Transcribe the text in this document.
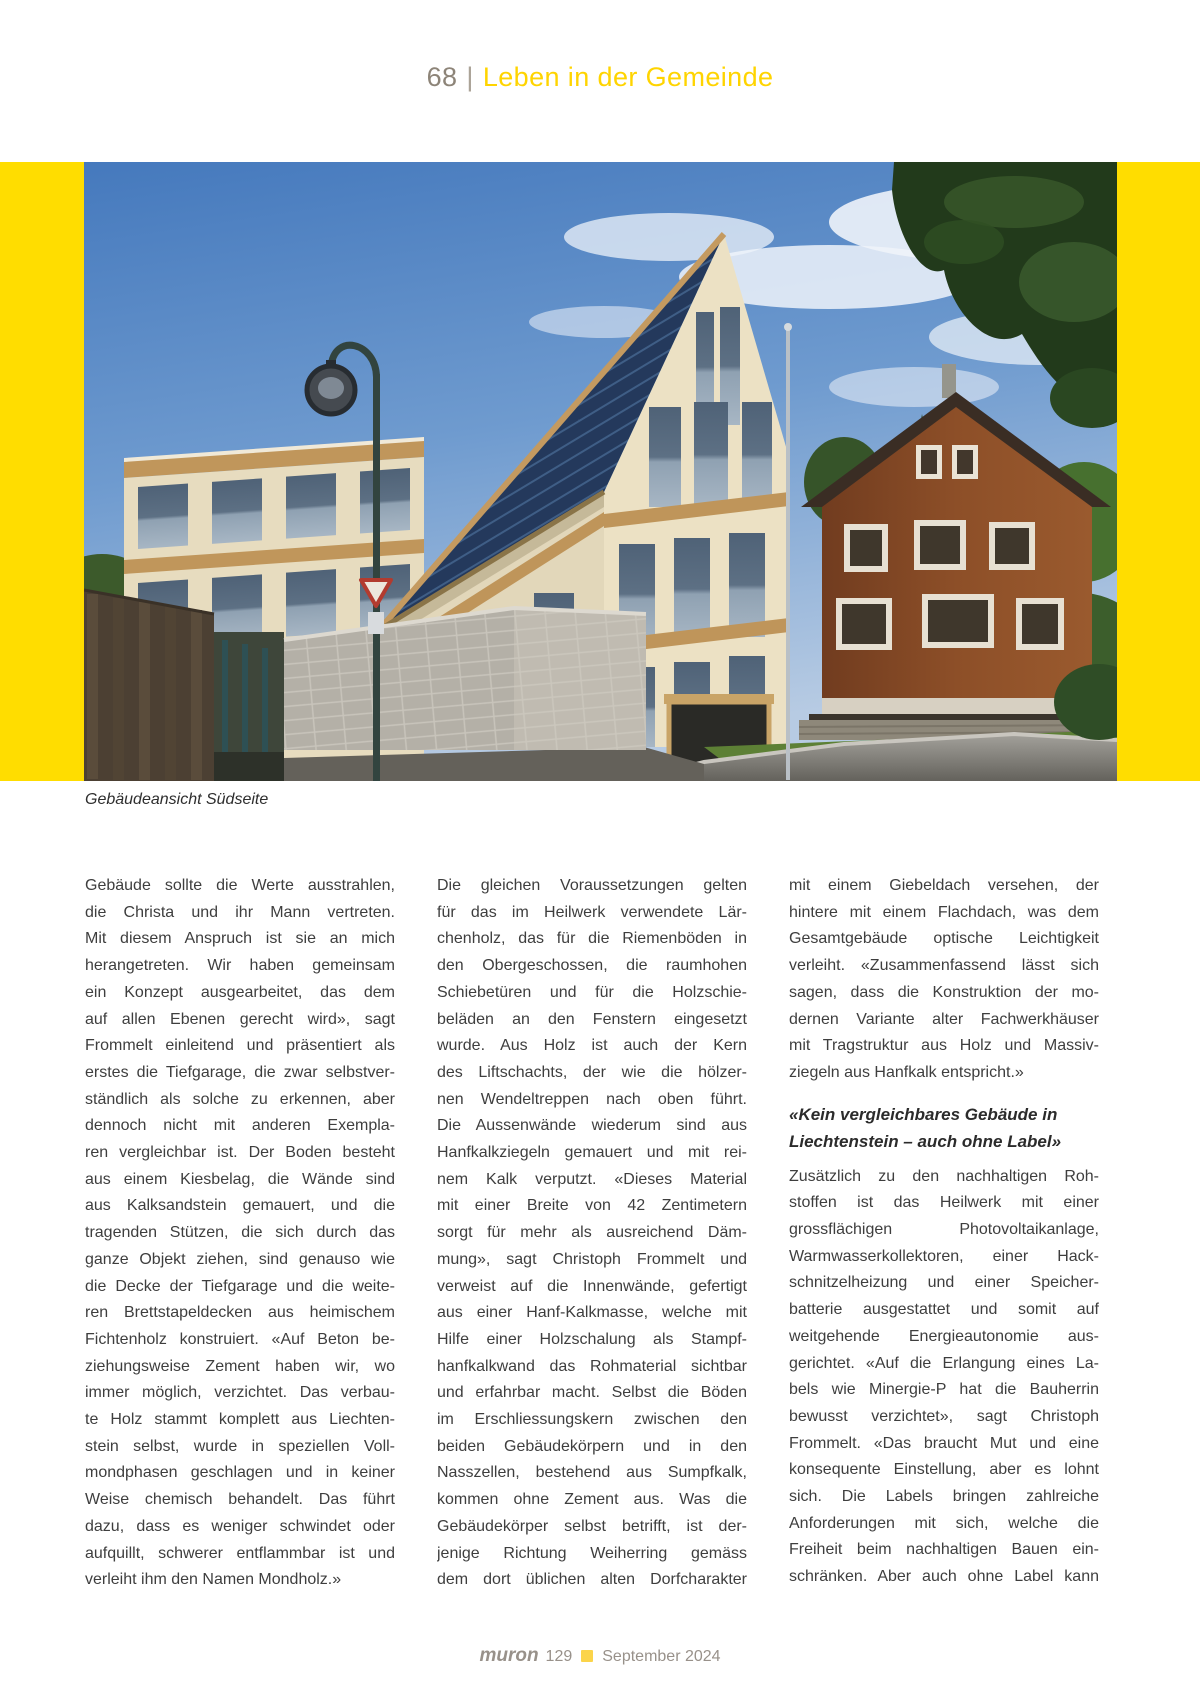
68 | Leben in der Gemeinde
Gebäudeansicht Südseite
Gebäude sollte die Werte ausstrahlen,
die Christa und ihr Mann vertreten.
Mit diesem Anspruch ist sie an mich
herangetreten. Wir haben gemeinsam
ein Konzept ausgearbeitet, das dem
auf allen Ebenen gerecht wird», sagt
Frommelt einleitend und präsentiert als
erstes die Tiefgarage, die zwar selbstver-
ständlich als solche zu erkennen, aber
dennoch nicht mit anderen Exempla-
ren vergleichbar ist. Der Boden besteht
aus einem Kiesbelag, die Wände sind
aus Kalksandstein gemauert, und die
tragenden Stützen, die sich durch das
ganze Objekt ziehen, sind genauso wie
die Decke der Tiefgarage und die weite-
ren Brettstapeldecken aus heimischem
Fichtenholz konstruiert. «Auf Beton be-
ziehungsweise Zement haben wir, wo
immer möglich, verzichtet. Das verbau-
te Holz stammt komplett aus Liechten-
stein selbst, wurde in speziellen Voll-
mondphasen geschlagen und in keiner
Weise chemisch behandelt. Das führt
dazu, dass es weniger schwindet oder
aufquillt, schwerer entflammbar ist und
verleiht ihm den Namen Mondholz.»
Die gleichen Voraussetzungen gelten
für das im Heilwerk verwendete Lär-
chenholz, das für die Riemenböden in
den Obergeschossen, die raumhohen
Schiebetüren und für die Holzschie-
beläden an den Fenstern eingesetzt
wurde. Aus Holz ist auch der Kern
des Liftschachts, der wie die hölzer-
nen Wendeltreppen nach oben führt.
Die Aussenwände wiederum sind aus
Hanfkalkziegeln gemauert und mit rei-
nem Kalk verputzt. «Dieses Material
mit einer Breite von 42 Zentimetern
sorgt für mehr als ausreichend Däm-
mung», sagt Christoph Frommelt und
verweist auf die Innenwände, gefertigt
aus einer Hanf-Kalkmasse, welche mit
Hilfe einer Holzschalung als Stampf-
hanfkalkwand das Rohmaterial sichtbar
und erfahrbar macht. Selbst die Böden
im Erschliessungskern zwischen den
beiden Gebäudekörpern und in den
Nasszellen, bestehend aus Sumpfkalk,
kommen ohne Zement aus. Was die
Gebäudekörper selbst betrifft, ist der-
jenige Richtung Weiherring gemäss
dem dort üblichen alten Dorfcharakter
mit einem Giebeldach versehen, der
hintere mit einem Flachdach, was dem
Gesamtgebäude optische Leichtigkeit
verleiht. «Zusammenfassend lässt sich
sagen, dass die Konstruktion der mo-
dernen Variante alter Fachwerkhäuser
mit Tragstruktur aus Holz und Massiv-
ziegeln aus Hanfkalk entspricht.»
«Kein vergleichbares Gebäude in
Liechtenstein – auch ohne Label»
Zusätzlich zu den nachhaltigen Roh-
stoffen ist das Heilwerk mit einer
grossflächigen Photovoltaikanlage,
Warmwasserkollektoren, einer Hack-
schnitzelheizung und einer Speicher-
batterie ausgestattet und somit auf
weitgehende Energieautonomie aus-
gerichtet. «Auf die Erlangung eines La-
bels wie Minergie-P hat die Bauherrin
bewusst verzichtet», sagt Christoph
Frommelt. «Das braucht Mut und eine
konsequente Einstellung, aber es lohnt
sich. Die Labels bringen zahlreiche
Anforderungen mit sich, welche die
Freiheit beim nachhaltigen Bauen ein-
schränken. Aber auch ohne Label kann
muron 129 September 2024
